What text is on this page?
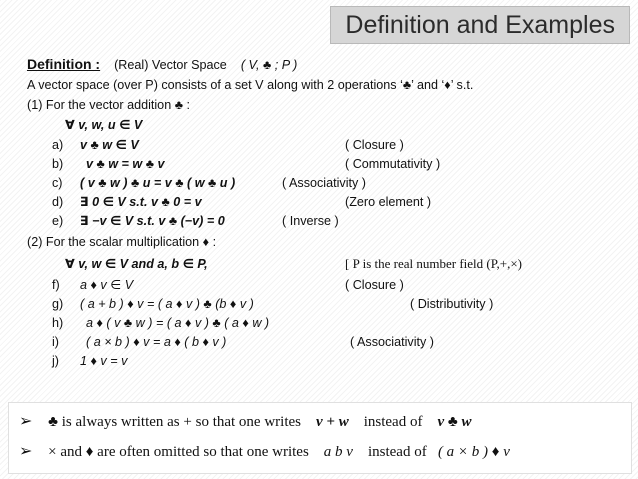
Definition and Examples
Definition : (Real) Vector Space ( V, ♣ ; P )
A vector space (over P) consists of a set V along with 2 operations ‘♣’ and ‘♦’ s.t.
(1) For the vector addition ♣ :
∀ v, w, u ∈ V
a) v ♣ w ∈ V	( Closure )
b) v ♣ w = w ♣ v	( Commutativity )
c) ( v ♣ w ) ♣ u = v ♣ ( w ♣ u )	( Associativity )
d) ∃ 0 ∈ V s.t. v ♣ 0 = v	(Zero element )
e) ∃ −v ∈ V s.t. v ♣ (−v) = 0	( Inverse )
(2) For the scalar multiplication ♦ :
∀ v, w ∈ V and a, b ∈ P,	[ P is the real number field (P,+,×)
f) a ♦ v ∈ V	( Closure )
g) ( a + b ) ♦ v = ( a ♦ v ) ♣ (b ♦ v )	( Distributivity )
h) a ♦ ( v ♣ w ) = ( a ♦ v ) ♣ ( a ♦ w )
i) ( a × b ) ♦ v = a ♦ ( b ♦ v )	( Associativity )
j) 1 ♦ v = v
➢ ♣ is always written as + so that one writes v + w instead of v ♣ w
➢ × and ♦ are often omitted so that one writes a b v instead of ( a × b ) ♦ v
